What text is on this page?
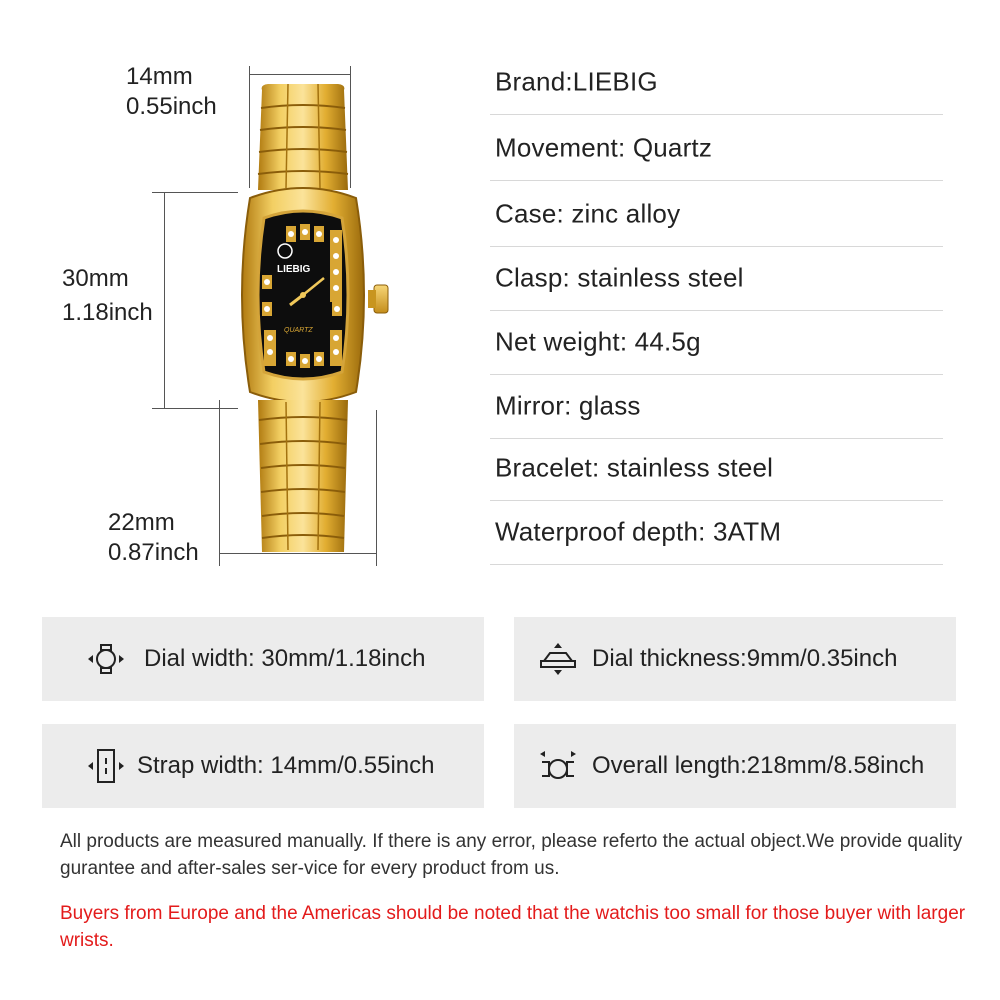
14mm
0.55inch
30mm
1.18inch
22mm
0.87inch
LIEBIG
QUARTZ
Brand:LIEBIG
Movement: Quartz
Case: zinc alloy
Clasp: stainless steel
Net weight: 44.5g
Mirror: glass
Bracelet: stainless steel
Waterproof depth: 3ATM
Dial width: 30mm/1.18inch	Dial thickness:9mm/0.35inch
Strap width: 14mm/0.55inch	Overall length:218mm/8.58inch
All products are measured manually. If there is any error, please referto the actual object.We provide quality gurantee and after-sales ser-vice for every product from us.
Buyers from Europe and the Americas should be noted that the watchis too small for those buyer with larger wrists.
